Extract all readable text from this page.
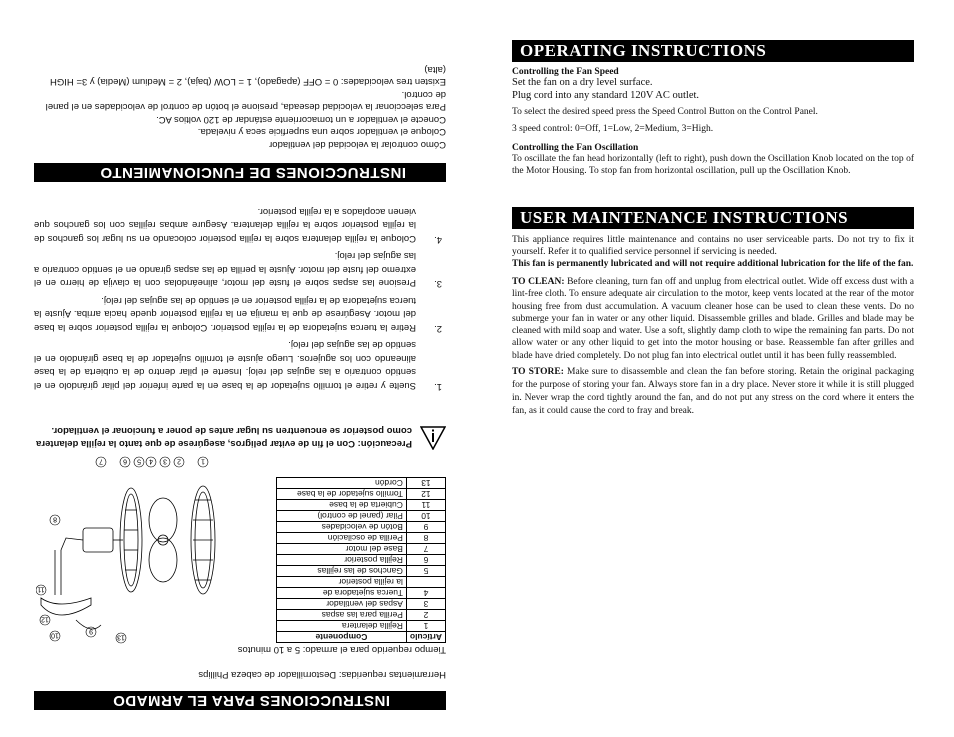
OPERATING INSTRUCTIONS

Controlling the Fan Speed

Set the fan on a dry level surface.

Plug cord into any standard 120V AC outlet.

To select the desired speed press the Speed Control Button on the Control Panel.

3 speed control: 0=Off, 1=Low, 2=Medium, 3=High.

Controlling the Fan Oscillation

To oscillate the fan head horizontally (left to right), push down the Oscillation Knob located on the top of the Motor Housing. To stop fan from horizontal oscillation, pull up the Oscillation Knob.

USER MAINTENANCE INSTRUCTIONS

This appliance requires little maintenance and contains no user serviceable parts. Do not try to fix it yourself. Refer it to qualified service personnel if servicing is needed.

This fan is permanently lubricated and will not require additional lubrication for the life of the fan.

TO CLEAN: Before cleaning, turn fan off and unplug from electrical outlet. Wide off excess dust with a lint-free cloth. To ensure adequate air circulation to the motor, keep vents located at the rear of the motor housing free from dust accumulation. A vacuum cleaner hose can be used to clean these vents. Do no submerge your fan in water or any other liquid. Disassemble grilles and blade. Grilles and blade may be cleaned with mild soap and water. Use a soft, slightly damp cloth to wipe the remaining fan parts. Do not allow water or any other liquid to get into the motor housing or base. Reassemble fan after grilles and blade have dried completely. Do not plug fan into electrical outlet until it has been fully reassembled.

TO STORE: Make sure to disassemble and clean the fan before storing. Retain the original packaging for the purpose of storing your fan. Always store fan in a dry place. Never store it while it is still plugged in. Never wrap the cord tightly around the fan, and do not put any stress on the cord where it enters the fan, as it could cause the cord to fray and break.

INSTRUCCIONES PARA EL ARMADO

Herramientas requeridas: Destornillador de cabeza Phillips

Tiempo requerido para el armado: 5 a 10 minutos

Artículo	Componente
1	Rejilla delantera
2	Perilla para las aspas
3	Aspas del ventilador
4	Tuerca sujetadora de
	la rejilla posterior
5	Ganchos de las rejillas
6	Rejilla posterior
7	Base del motor
8	Perilla de oscilación
9	Botón de velocidades
10	Pilar (panel de control)
11	Cubierta de la base
12	Tornillo sujetador de la base
13	Cordón
1
2
3
4
5
6
7
8
9
10
11
12
13

Precaución: Con el fin de evitar peligros, asegúrese de que tanto la rejilla delantera como posterior se encuentren su lugar antes de poner a funcionar el ventilador.

1.

Suelte y retire el tornillo sujetador de la base en la parte inferior del pilar girándolo en el sentido contrario a las agujas del reloj. Inserte el pilar dentro de la cubierta de la base alineando con los agujeros. Luego ajuste el tornillo sujetador de la base girándolo en el sentido de las agujas del reloj.

2.

Retire la tuerca sujetadora de la rejilla posterior. Coloque la rejilla posterior sobre la base del motor. Asegúrese de que la manija en la rejilla posterior quede hacia arriba. Ajuste la tuerca sujetadora de la rejilla posterior en el sentido de las agujas del reloj.

3.

Presione las aspas sobre el fuste del motor, alineándolas con la clavija de hierro en el extremo del fuste del motor. Ajuste la perilla de las aspas girando en el sentido contrario a las agujas del reloj.

4.

Coloque la rejilla delantera sobre la rejilla posterior colocando en su lugar los ganchos de la rejilla posterior sobre la rejilla delantera. Asegure ambas rejillas con los ganchos que vienen acoplados a la rejilla posterior.

INSTRUCCIONES DE FUNCIONAMIENTO

Cómo controlar la velocidad del ventilador

Coloque el ventilador sobre una superficie seca y nivelada.

Conecte el ventilador a un tomacorriente estándar de 120 voltios AC.

Para seleccionar la velocidad deseada, presione el botón de control de velocidades en el panel de control.

Existen tres velocidades: 0 = OFF (apagado), 1 = LOW (baja), 2 = Medium (Media) y 3= HIGH (alta)
